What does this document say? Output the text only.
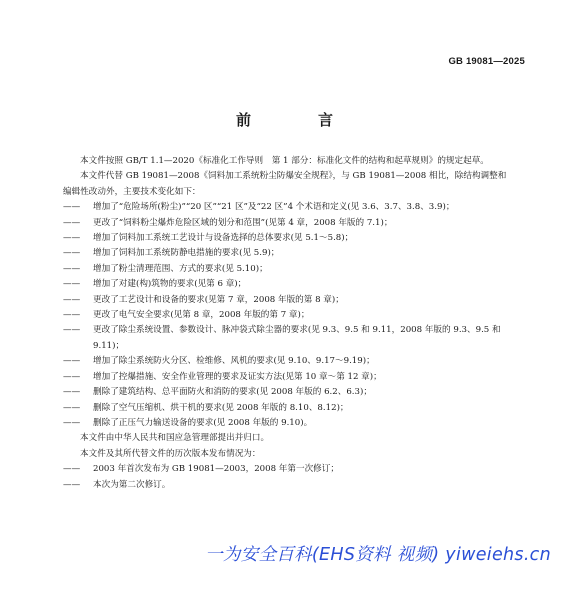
GB 19081—2025
前　言

本文件按照 GB/T 1.1—2020《标准化工作导则　第 1 部分：标准化文件的结构和起草规则》的规定起草。

本文件代替 GB 19081—2008《饲料加工系统粉尘防爆安全规程》，与 GB 19081—2008 相比，除结构调整和编辑性改动外，主要技术变化如下：

—— 增加了“危险场所(粉尘)”“20 区”“21 区”及“22 区”4 个术语和定义(见 3.6、3.7、3.8、3.9)；

—— 更改了“饲料粉尘爆炸危险区域的划分和范围”(见第 4 章，2008 年版的 7.1)；

—— 增加了饲料加工系统工艺设计与设备选择的总体要求(见 5.1～5.8)；

—— 增加了饲料加工系统防静电措施的要求(见 5.9)；

—— 增加了粉尘清理范围、方式的要求(见 5.10)；

—— 增加了对建(构)筑物的要求(见第 6 章)；

—— 更改了工艺设计和设备的要求(见第 7 章，2008 年版的第 8 章)；

—— 更改了电气安全要求(见第 8 章，2008 年版的第 7 章)；

—— 更改了除尘系统设置、参数设计、脉冲袋式除尘器的要求(见 9.3、9.5 和 9.11，2008 年版的 9.3、9.5 和 9.11)；

—— 增加了除尘系统防火分区、检维修、风机的要求(见 9.10、9.17～9.19)；

—— 增加了控爆措施、安全作业管理的要求及证实方法(见第 10 章～第 12 章)；

—— 删除了建筑结构、总平面防火和消防的要求(见 2008 年版的 6.2、6.3)；

—— 删除了空气压缩机、烘干机的要求(见 2008 年版的 8.10、8.12)；

—— 删除了正压气力输送设备的要求(见 2008 年版的 9.10)。

本文件由中华人民共和国应急管理部提出并归口。

本文件及其所代替文件的历次版本发布情况为：

—— 2003 年首次发布为 GB 19081—2003，2008 年第一次修订；

—— 本次为第二次修订。

一为安全百科(EHS资料 视频) yiweiehs.cn
